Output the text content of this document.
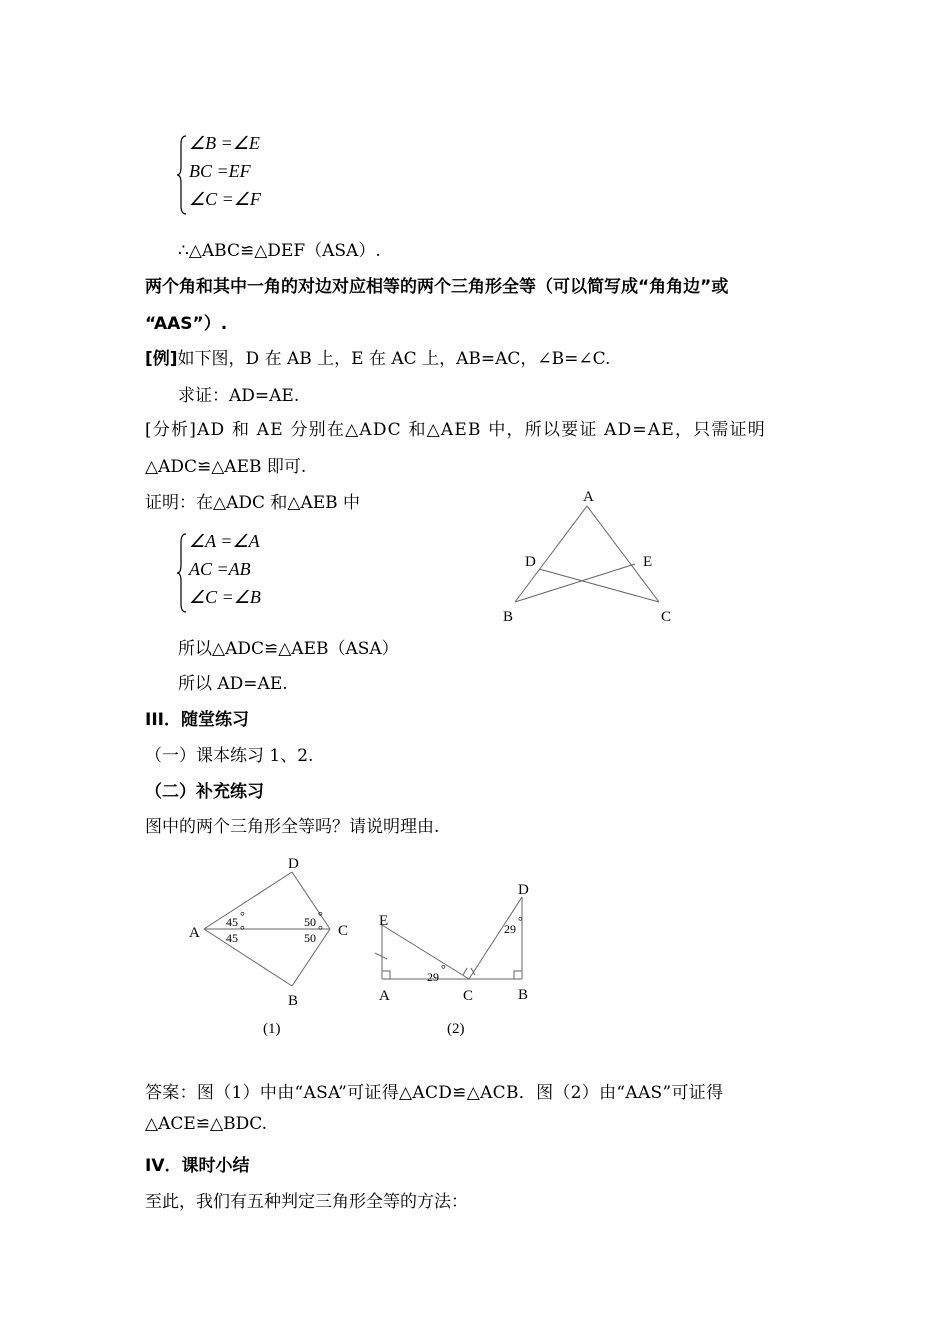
∠B =∠E
BC =EF
∠C =∠F
∴△ABC≌△DEF（ASA）.
两个角和其中一角的对边对应相等的两个三角形全等（可以简写成“角角边”或
“AAS”）.
[例]如下图，D 在 AB 上，E 在 AC 上，AB=AC，∠B=∠C.
求证：AD=AE.
[分析]AD 和 AE 分别在△ADC 和△AEB 中，所以要证 AD=AE，只需证明
△ADC≌△AEB 即可.
证明：在△ADC 和△AEB 中
∠A =∠A
AC =AB
∠C =∠B
所以△ADC≌△AEB（ASA）
所以 AD=AE.
A
D	E
B	C
III．随堂练习
（一）课本练习 1、2.
（二）补充练习
图中的两个三角形全等吗？请说明理由.
D
A	C
B
45 °
45
°
50 °
50
°
(1)
E
A	C	B
D
29
°
29
°
(2)
答案：图（1）中由“ASA”可证得△ACD≌△ACB．图（2）由“AAS”可证得
△ACE≌△BDC.
IV．课时小结
至此，我们有五种判定三角形全等的方法：
